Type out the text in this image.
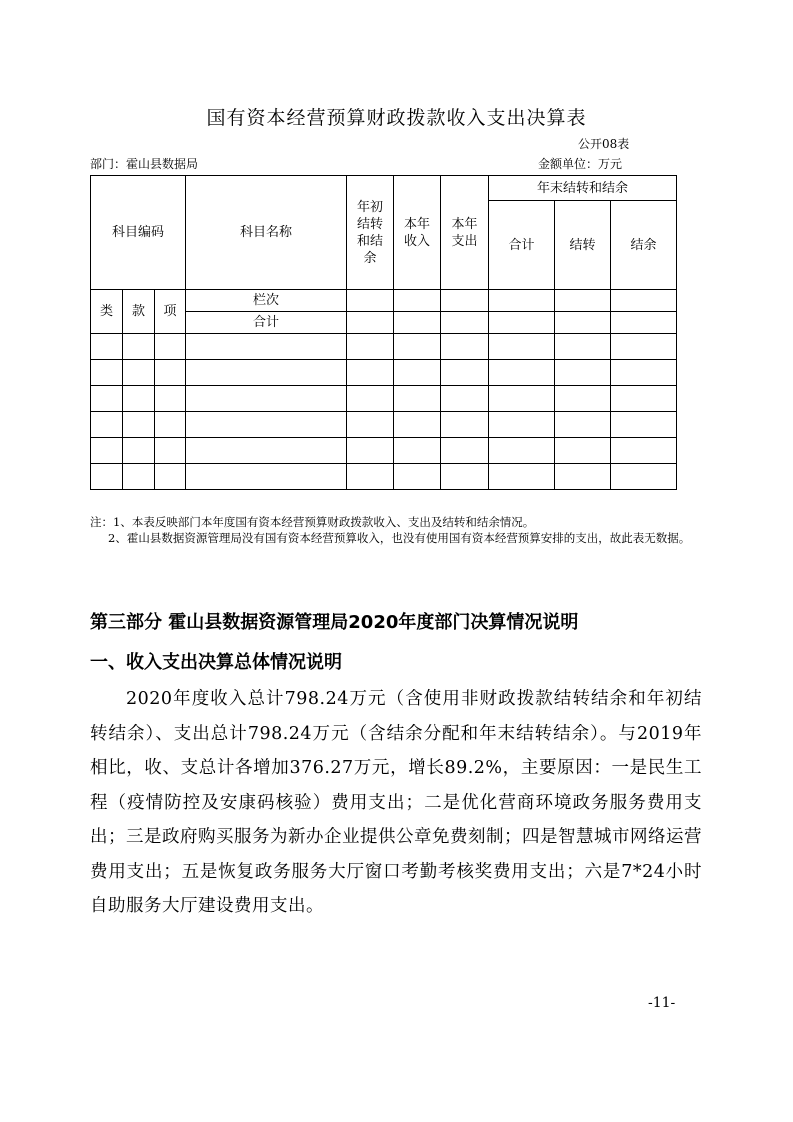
国有资本经营预算财政拨款收入支出决算表
公开08表
部门：霍山县数据局	金额单位：万元
科目编码			科目名称	年初结转和结余	本年收入	本年支出	年末结转和结余		
							合计	结转	结余
类	款	项	栏次						
			合计						

注：1、本表反映部门本年度国有资本经营预算财政拨款收入、支出及结转和结余情况。

2、霍山县数据资源管理局没有国有资本经营预算收入，也没有使用国有资本经营预算安排的支出，故此表无数据。

第三部分 霍山县数据资源管理局2020年度部门决算情况说明
一、收入支出决算总体情况说明
2020年度收入总计798.24万元（含使用非财政拨款结转结余和年初结转结余）、支出总计798.24万元（含结余分配和年末结转结余）。与2019年相比，收、支总计各增加376.27万元，增长89.2%，主要原因：一是民生工程（疫情防控及安康码核验）费用支出；二是优化营商环境政务服务费用支出；三是政府购买服务为新办企业提供公章免费刻制；四是智慧城市网络运营费用支出；五是恢复政务服务大厅窗口考勤考核奖费用支出；六是7*24小时自助服务大厅建设费用支出。
-11-
